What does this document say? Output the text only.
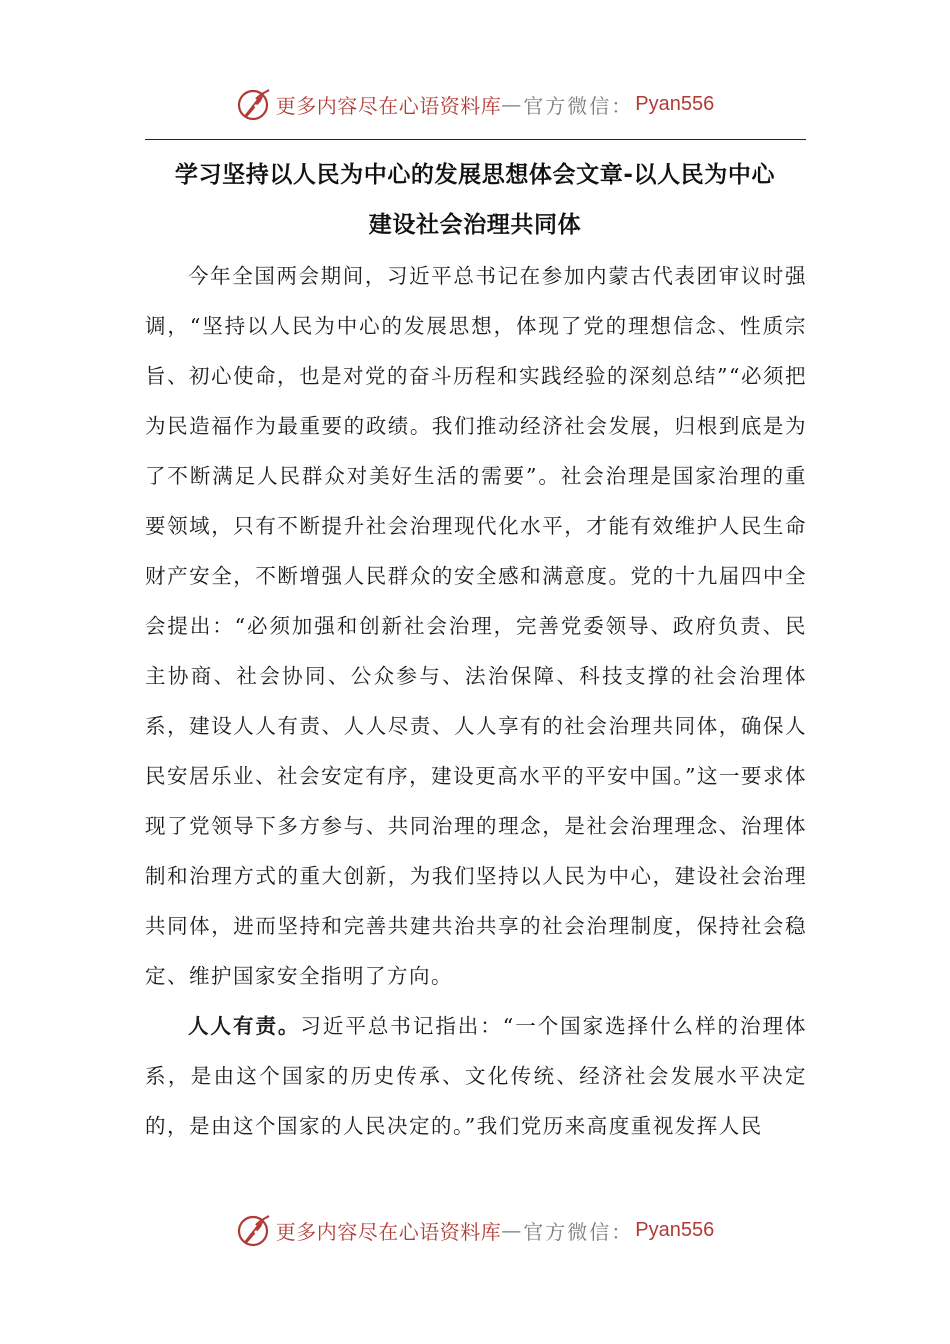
更多内容尽在心语资料库 — 官方微信： Pyan556
学习坚持以人民为中心的发展思想体会文章-以人民为中心
建设社会治理共同体

今年全国两会期间，习近平总书记在参加内蒙古代表团审议时强调，“坚持以人民为中心的发展思想，体现了党的理想信念、性质宗旨、初心使命，也是对党的奋斗历程和实践经验的深刻总结”“必须把为民造福作为最重要的政绩。我们推动经济社会发展，归根到底是为了不断满足人民群众对美好生活的需要”。社会治理是国家治理的重要领域，只有不断提升社会治理现代化水平，才能有效维护人民生命财产安全，不断增强人民群众的安全感和满意度。党的十九届四中全会提出：“必须加强和创新社会治理，完善党委领导、政府负责、民主协商、社会协同、公众参与、法治保障、科技支撑的社会治理体系，建设人人有责、人人尽责、人人享有的社会治理共同体，确保人民安居乐业、社会安定有序，建设更高水平的平安中国。”这一要求体现了党领导下多方参与、共同治理的理念，是社会治理理念、治理体制和治理方式的重大创新，为我们坚持以人民为中心，建设社会治理共同体，进而坚持和完善共建共治共享的社会治理制度，保持社会稳定、维护国家安全指明了方向。

人人有责。习近平总书记指出：“一个国家选择什么样的治理体系，是由这个国家的历史传承、文化传统、经济社会发展水平决定的，是由这个国家的人民决定的。”我们党历来高度重视发挥人民

更多内容尽在心语资料库 — 官方微信： Pyan556
